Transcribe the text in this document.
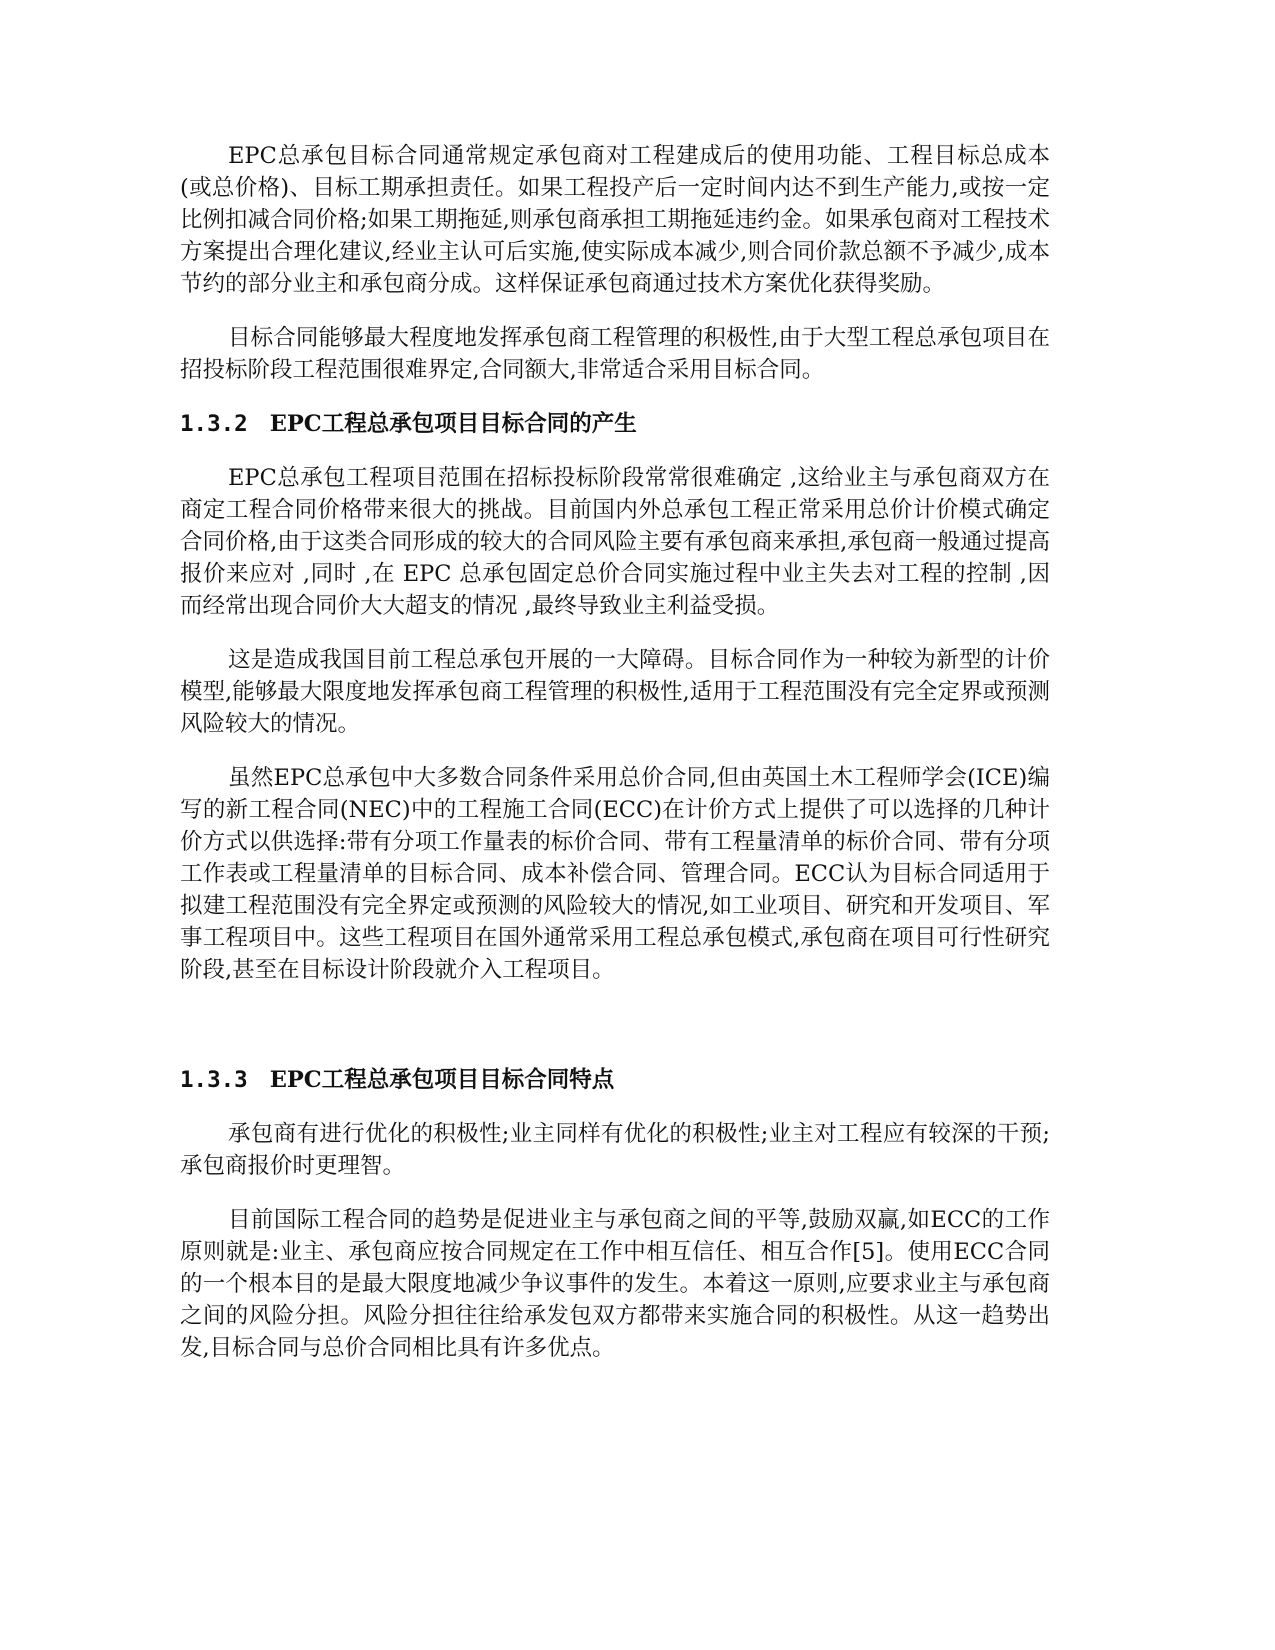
EPC总承包目标合同通常规定承包商对工程建成后的使用功能、工程目标总成本(或总价格)、目标工期承担责任。如果工程投产后一定时间内达不到生产能力,或按一定比例扣减合同价格;如果工期拖延,则承包商承担工期拖延违约金。如果承包商对工程技术方案提出合理化建议,经业主认可后实施,使实际成本减少,则合同价款总额不予减少,成本节约的部分业主和承包商分成。这样保证承包商通过技术方案优化获得奖励。

目标合同能够最大程度地发挥承包商工程管理的积极性,由于大型工程总承包项目在招投标阶段工程范围很难界定,合同额大,非常适合采用目标合同。

1.3.2 EPC工程总承包项目目标合同的产生

EPC总承包工程项目范围在招标投标阶段常常很难确定 ,这给业主与承包商双方在商定工程合同价格带来很大的挑战。目前国内外总承包工程正常采用总价计价模式确定合同价格,由于这类合同形成的较大的合同风险主要有承包商来承担,承包商一般通过提高报价来应对 ,同时 ,在 EPC 总承包固定总价合同实施过程中业主失去对工程的控制 ,因而经常出现合同价大大超支的情况 ,最终导致业主利益受损。

这是造成我国目前工程总承包开展的一大障碍。目标合同作为一种较为新型的计价模型,能够最大限度地发挥承包商工程管理的积极性,适用于工程范围没有完全定界或预测风险较大的情况。

虽然EPC总承包中大多数合同条件采用总价合同,但由英国土木工程师学会(ICE)编写的新工程合同(NEC)中的工程施工合同(ECC)在计价方式上提供了可以选择的几种计价方式以供选择:带有分项工作量表的标价合同、带有工程量清单的标价合同、带有分项工作表或工程量清单的目标合同、成本补偿合同、管理合同。ECC认为目标合同适用于拟建工程范围没有完全界定或预测的风险较大的情况,如工业项目、研究和开发项目、军事工程项目中。这些工程项目在国外通常采用工程总承包模式,承包商在项目可行性研究阶段,甚至在目标设计阶段就介入工程项目。

1.3.3 EPC工程总承包项目目标合同特点

承包商有进行优化的积极性;业主同样有优化的积极性;业主对工程应有较深的干预;承包商报价时更理智。

目前国际工程合同的趋势是促进业主与承包商之间的平等,鼓励双赢,如ECC的工作原则就是:业主、承包商应按合同规定在工作中相互信任、相互合作[5]。使用ECC合同的一个根本目的是最大限度地减少争议事件的发生。本着这一原则,应要求业主与承包商之间的风险分担。风险分担往往给承发包双方都带来实施合同的积极性。从这一趋势出发,目标合同与总价合同相比具有许多优点。
